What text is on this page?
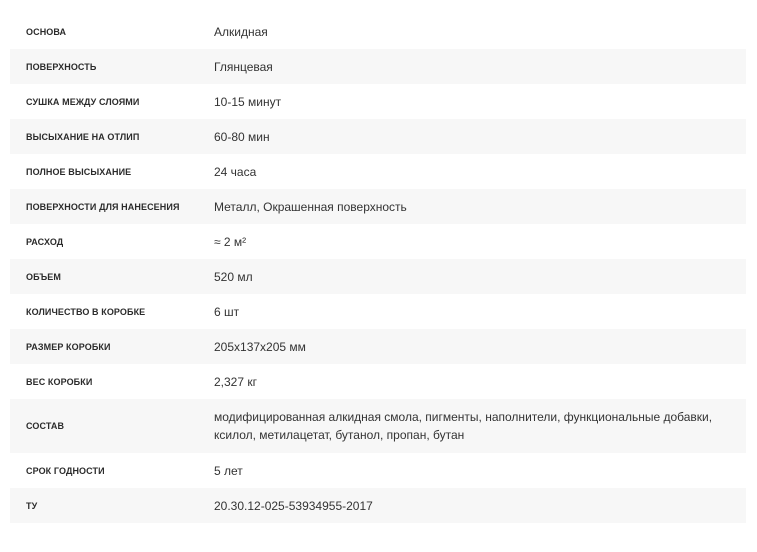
ОСНОВА	Алкидная
ПОВЕРХНОСТЬ	Глянцевая
СУШКА МЕЖДУ СЛОЯМИ	10-15 минут
ВЫСЫХАНИЕ НА ОТЛИП	60-80 мин
ПОЛНОЕ ВЫСЫХАНИЕ	24 часа
ПОВЕРХНОСТИ ДЛЯ НАНЕСЕНИЯ	Металл, Окрашенная поверхность
РАСХОД	≈ 2 м²
ОБЪЕМ	520 мл
КОЛИЧЕСТВО В КОРОБКЕ	6 шт
РАЗМЕР КОРОБКИ	205x137x205 мм
ВЕС КОРОБКИ	2,327 кг
СОСТАВ	модифицированная алкидная смола, пигменты, наполнители, функциональные добавки, ксилол, метилацетат, бутанол, пропан, бутан
СРОК ГОДНОСТИ	5 лет
ТУ	20.30.12-025-53934955-2017
